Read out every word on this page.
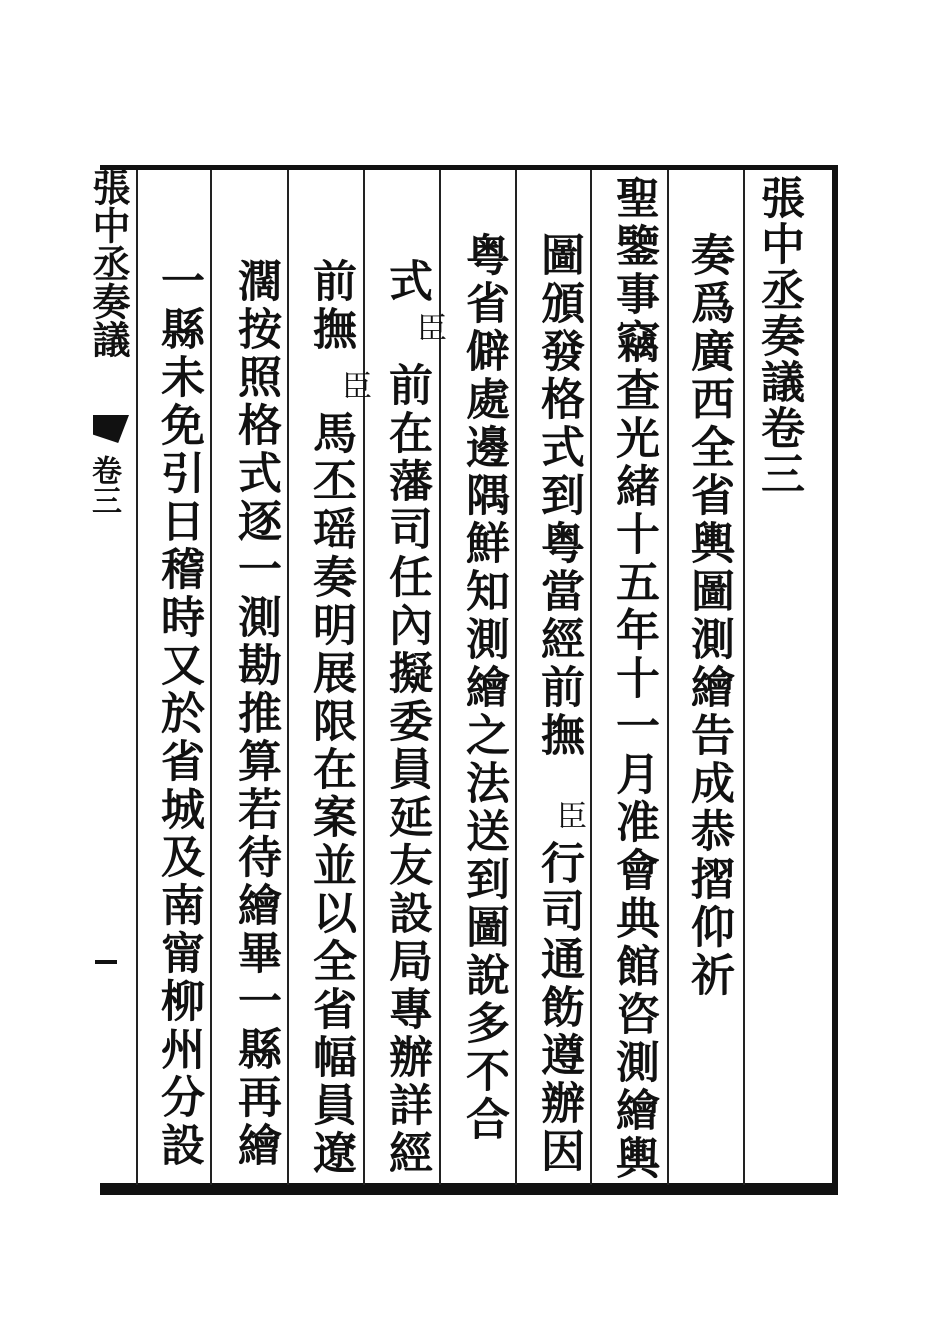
張中丞奏議
卷三	張中丞奏議卷三
奏爲廣西全省輿圖測繪告成恭摺仰祈
聖鑒事竊查光緒十五年十一月准會典館咨測繪輿
圖頒發格式到粤當經前撫
臣
行司通飭遵辦因
粤省僻處邊隅鮮知測繪之法送到圖說多不合
式
臣
前在藩司任內擬委員延友設局專辦詳經
前撫
臣
馬丕瑶奏明展限在案並以全省幅員遼
濶按照格式逐一測勘推算若待繪畢一縣再繪
一縣未免引日稽時又於省城及南甯柳州分設
